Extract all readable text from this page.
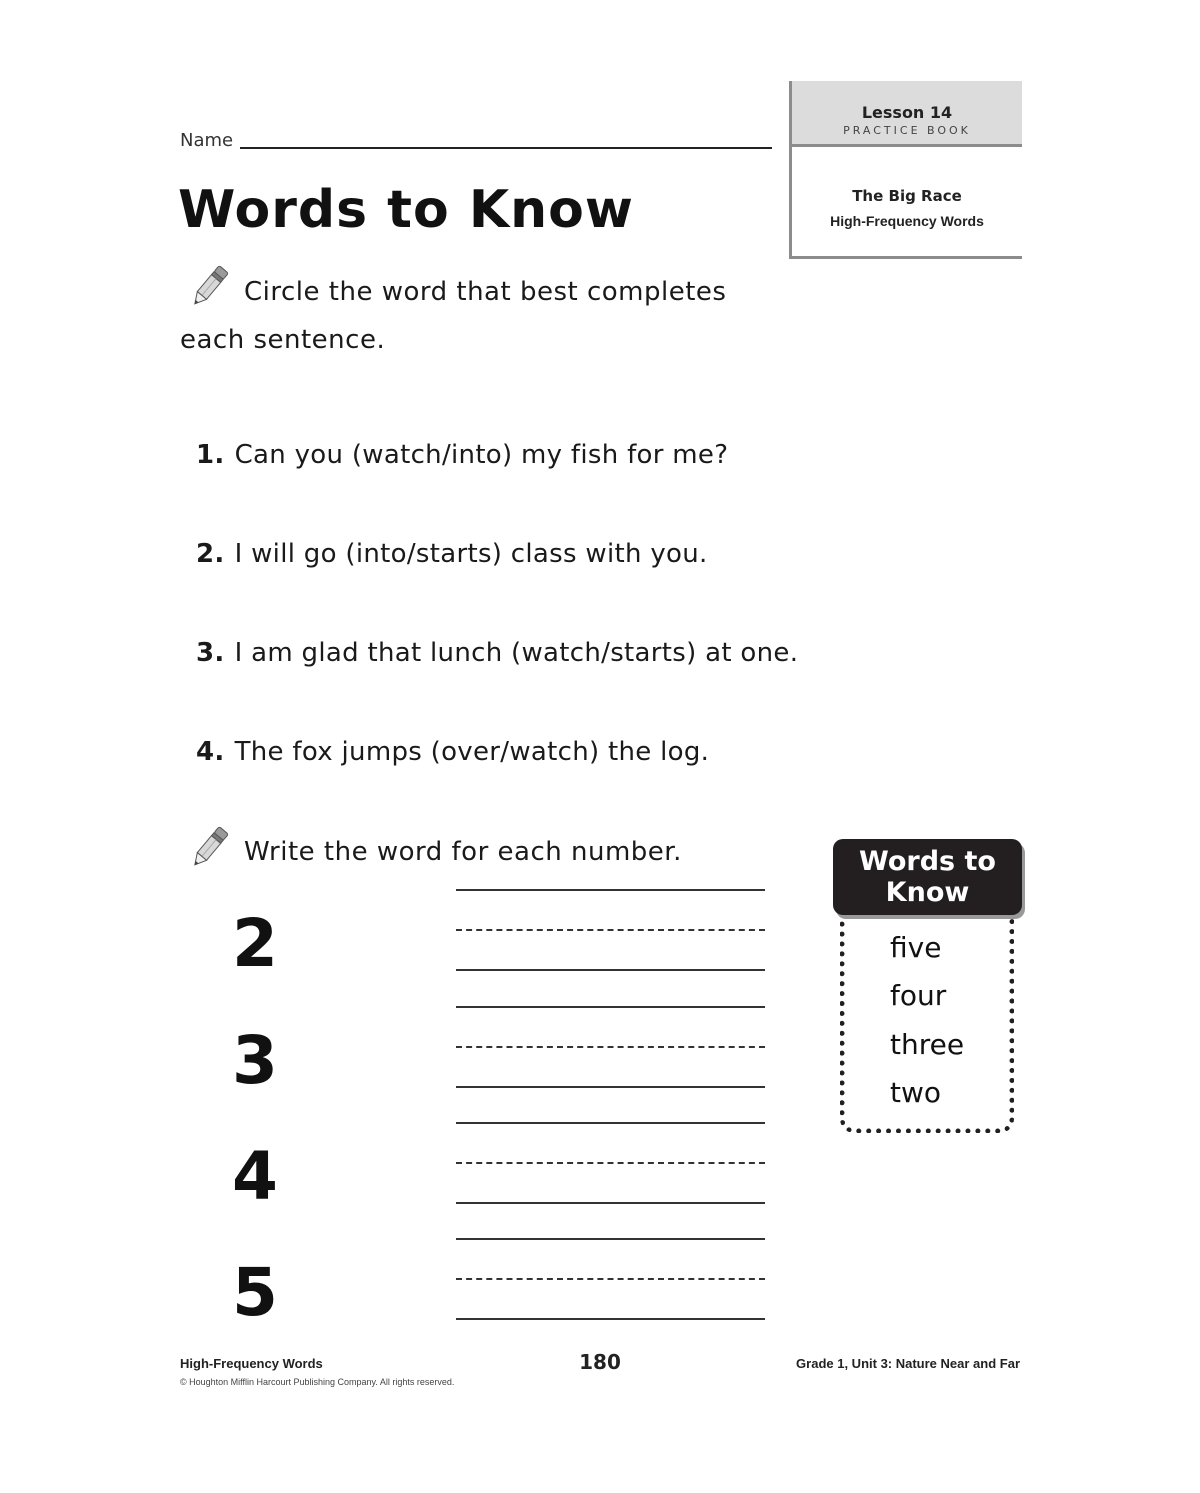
Name
Words to Know
Lesson 14
PRACTICE BOOK
The Big Race
High-Frequency Words
Circle the word that best completes each sentence.
1. Can you (watch/into) my fish for me?
2. I will go (into/starts) class with you.
3. I am glad that lunch (watch/starts) at one.
4. The fox jumps (over/watch) the log.
Write the word for each number.
2
3
4
5
five
four
three
two
Words to Know
High-Frequency Words
© Houghton Mifflin Harcourt Publishing Company. All rights reserved.
180	Grade 1, Unit 3: Nature Near and Far
